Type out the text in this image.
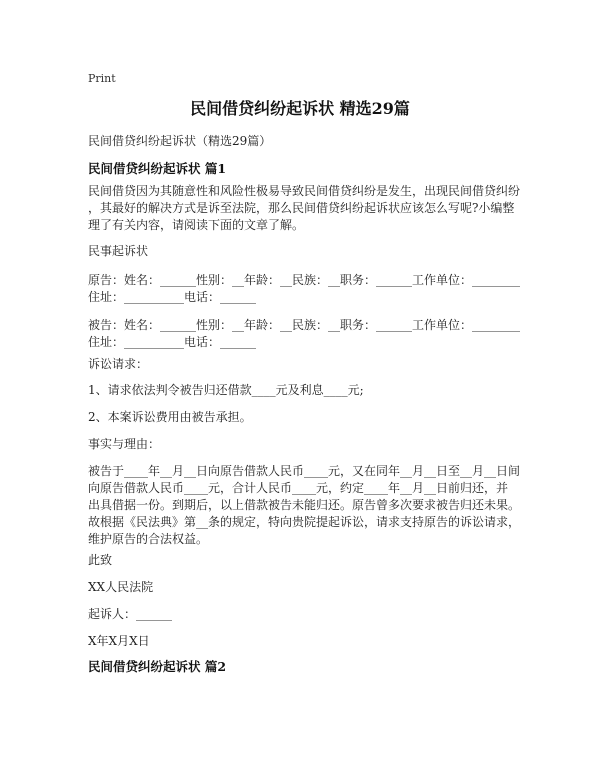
Print

民间借贷纠纷起诉状 精选29篇

民间借贷纠纷起诉状（精选29篇）

民间借贷纠纷起诉状 篇1

民间借贷因为其随意性和风险性极易导致民间借贷纠纷是发生，出现民间借贷纠纷
，其最好的解决方式是诉至法院，那么民间借贷纠纷起诉状应该怎么写呢?小编整
理了有关内容，请阅读下面的文章了解。

民事起诉状

原告：姓名：______性别：__年龄：__民族：__职务：______工作单位：________
住址：__________电话：______
被告：姓名：______性别：__年龄：__民族：__职务：______工作单位：________
住址：__________电话：______

诉讼请求：

1、请求依法判令被告归还借款____元及利息____元;

2、本案诉讼费用由被告承担。

事实与理由：

被告于____年__月__日向原告借款人民币____元，又在同年__月__日至__月__日间
向原告借款人民币____元，合计人民币____元，约定____年__月__日前归还，并
出具借据一份。到期后，以上借款被告未能归还。原告曾多次要求被告归还未果。
故根据《民法典》第__条的规定，特向贵院提起诉讼，请求支持原告的诉讼请求，
维护原告的合法权益。

此致

XX人民法院

起诉人：______

X年X月X日

民间借贷纠纷起诉状 篇2
